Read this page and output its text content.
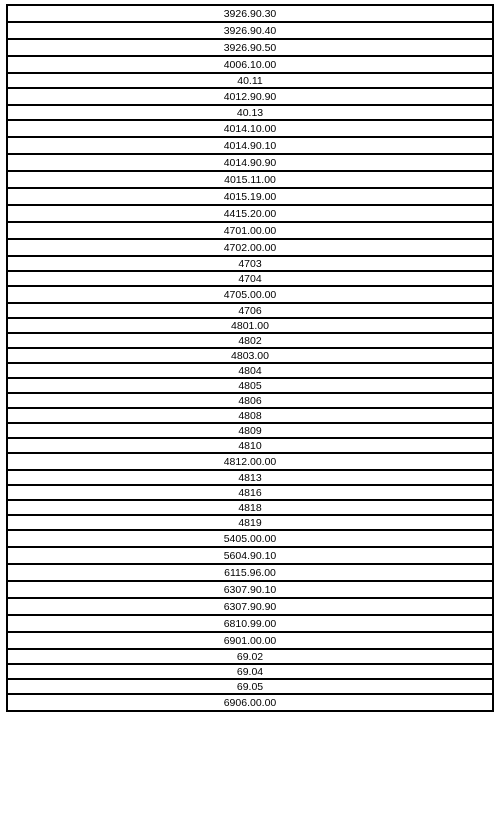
3926.90.30
3926.90.40
3926.90.50
4006.10.00
40.11
4012.90.90
40.13
4014.10.00
4014.90.10
4014.90.90
4015.11.00
4015.19.00
4415.20.00
4701.00.00
4702.00.00
4703
4704
4705.00.00
4706
4801.00
4802
4803.00
4804
4805
4806
4808
4809
4810
4812.00.00
4813
4816
4818
4819
5405.00.00
5604.90.10
6115.96.00
6307.90.10
6307.90.90
6810.99.00
6901.00.00
69.02
69.04
69.05
6906.00.00
